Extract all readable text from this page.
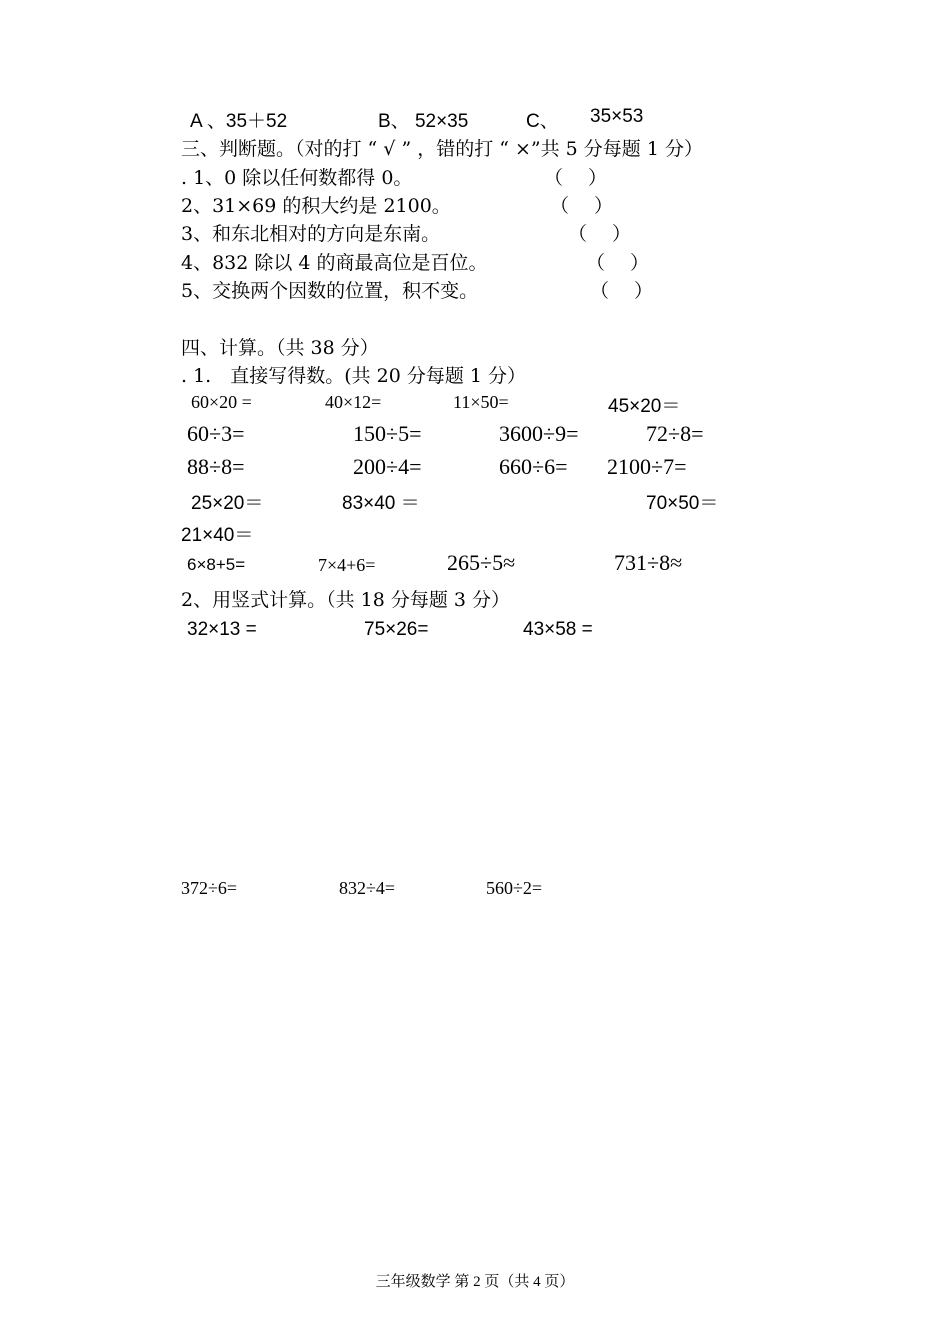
A 、35＋52	B、 52×35	C、 35×53
三、判断题。（对的打 “ √ ” ，错的打 “ ×”共 5 分每题 1 分）
. 1、0 除以任何数都得 0。	（　 ）
2、31×69 的积大约是 2100。	（　 ）
3、和东北相对的方向是东南。	（　 ）
4、832 除以 4 的商最高位是百位。	（　 ）
5、交换两个因数的位置，积不变。	（　 ）
四、计算。（共 38 分）
. 1.　直接写得数。(共 20 分每题 1 分）
60×20 =	40×12=	11×50=	45×20＝
60÷3=	150÷5=	3600÷9=	72÷8=
88÷8=	200÷4=	660÷6= 2100÷7=
25×20＝	83×40 ＝	70×50＝
21×40＝
6×8+5=	7×4+6=	265÷5≈	731÷8≈
2、用竖式计算。（共 18 分每题 3 分）
32×13 =	75×26=	43×58 =
372÷6=	832÷4=	560÷2=
三年级数学 第 2 页（共 4 页）
